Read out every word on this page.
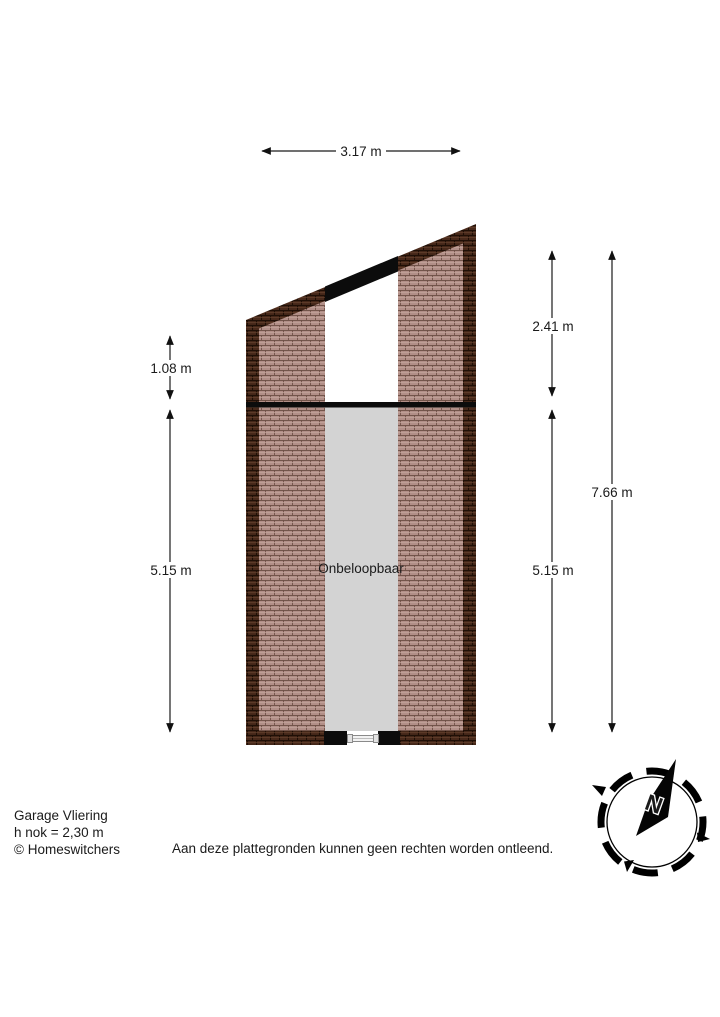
Onbeloopbaar
3.17 m
1.08 m
5.15 m
2.41 m
5.15 m
7.66 m
Garage Vliering
h nok = 2,30 m
© Homeswitchers	Aan deze plattegronden kunnen geen rechten worden ontleend.
N
